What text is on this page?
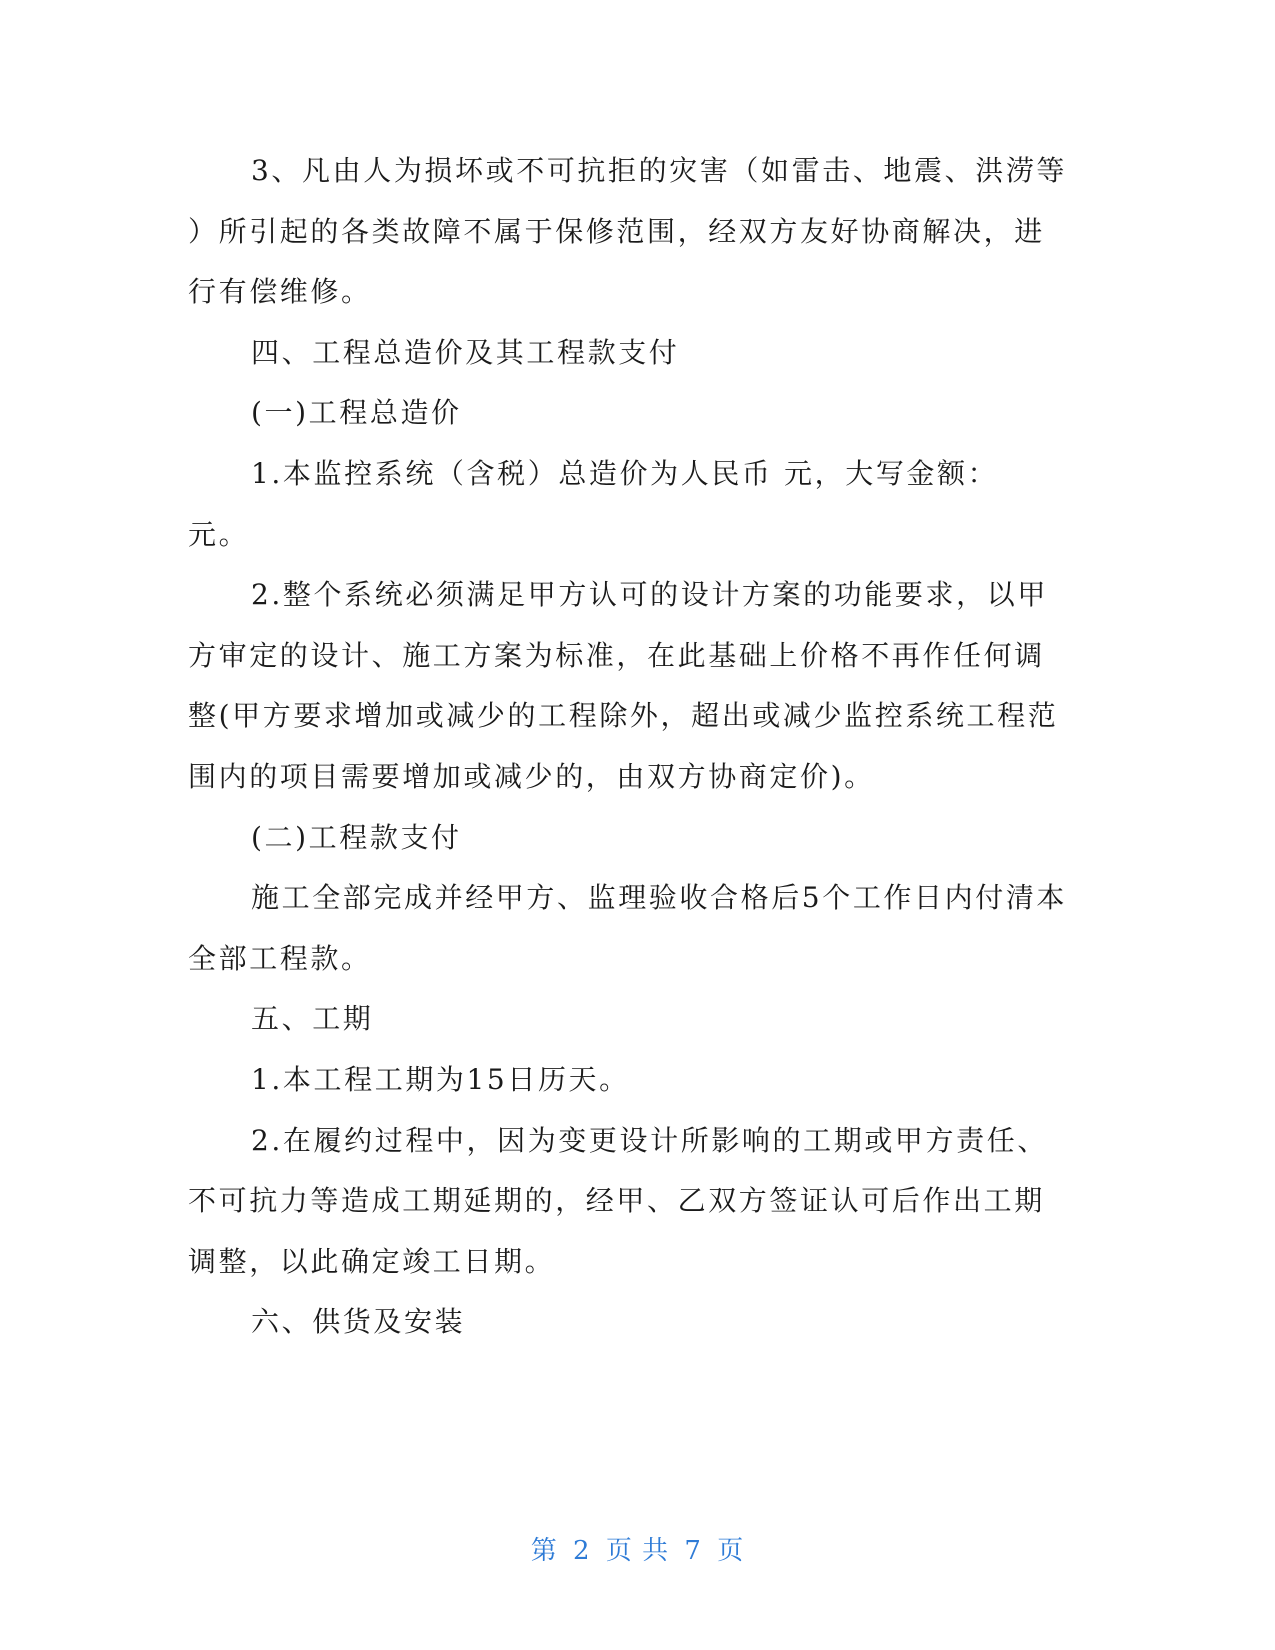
3、凡由人为损坏或不可抗拒的灾害（如雷击、地震、洪涝等

）所引起的各类故障不属于保修范围，经双方友好协商解决，进

行有偿维修。

四、工程总造价及其工程款支付

(一)工程总造价

1.本监控系统（含税）总造价为人民币 元，大写金额：

元。

2.整个系统必须满足甲方认可的设计方案的功能要求，以甲

方审定的设计、施工方案为标准，在此基础上价格不再作任何调

整(甲方要求增加或减少的工程除外，超出或减少监控系统工程范

围内的项目需要增加或减少的，由双方协商定价)。

(二)工程款支付

施工全部完成并经甲方、监理验收合格后5个工作日内付清本

全部工程款。

五、工期

1.本工程工期为15日历天。

2.在履约过程中，因为变更设计所影响的工期或甲方责任、

不可抗力等造成工期延期的，经甲、乙双方签证认可后作出工期

调整，以此确定竣工日期。

六、供货及安装

第 2 页 共 7 页
